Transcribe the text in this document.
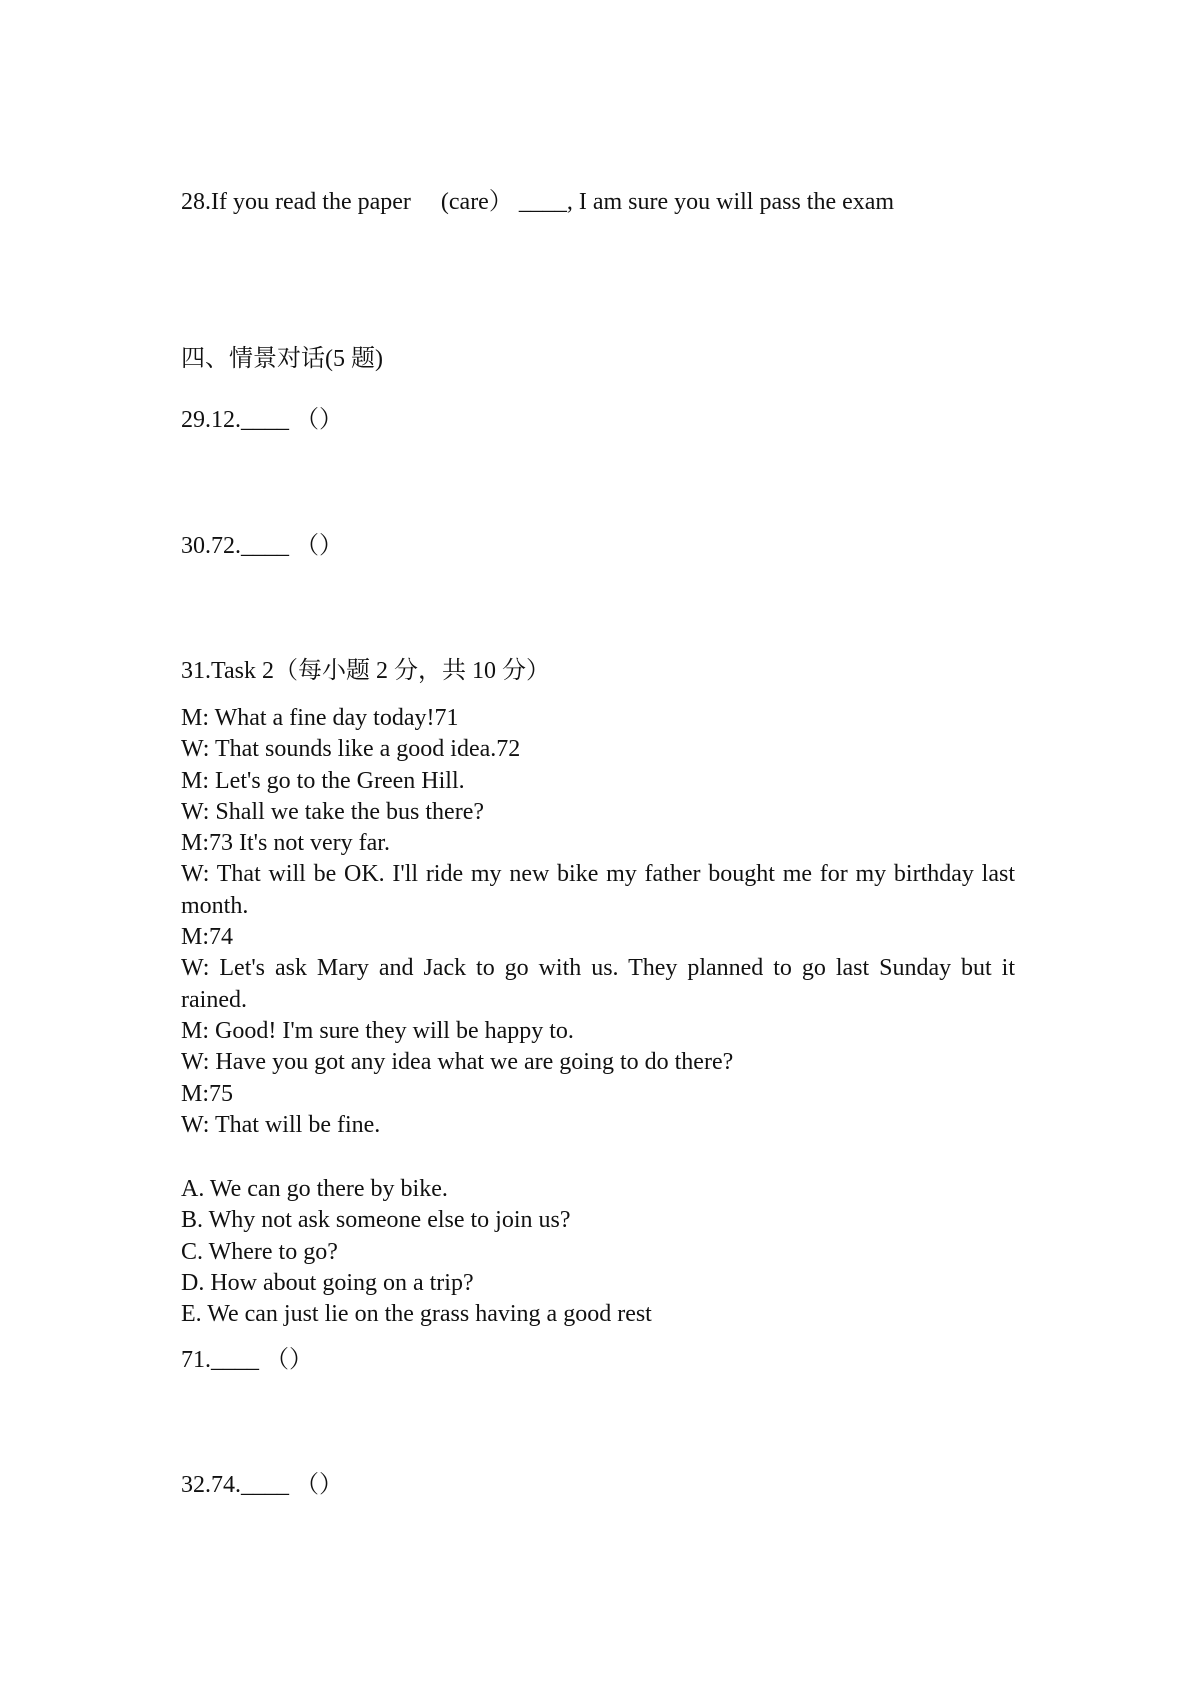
28.If you read the paper 　(care） ____, I am sure you will pass the exam
四、情景对话(5 题)
29.12.____ （）
30.72.____ （）
31.Task 2（每小题 2 分，共 10 分）
M: What a fine day today!71
W: That sounds like a good idea.72
M: Let's go to the Green Hill.
W: Shall we take the bus there?
M:73 It's not very far.
W: That will be OK. I'll ride my new bike my father bought me for my birthday last month.
M:74
W: Let's ask Mary and Jack to go with us. They planned to go last Sunday but it rained.
M: Good! I'm sure they will be happy to.
W: Have you got any idea what we are going to do there?
M:75
W: That will be fine.
A. We can go there by bike.
B. Why not ask someone else to join us?
C. Where to go?
D. How about going on a trip?
E. We can just lie on the grass having a good rest
71.____ （）
32.74.____ （）
